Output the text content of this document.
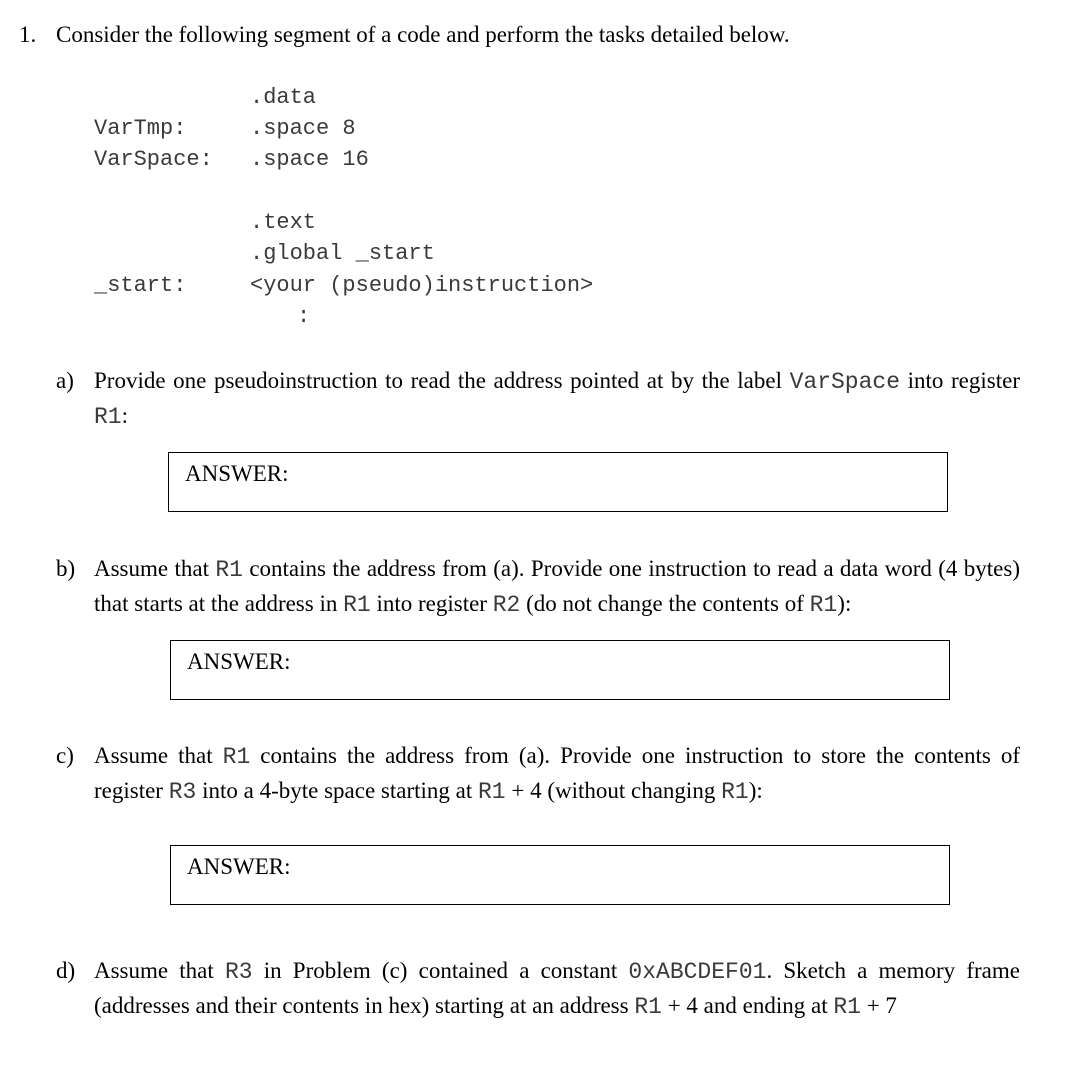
1. Consider the following segment of a code and perform the tasks detailed below.
.data
VarTmp:	.space 8
VarSpace: .space 16
.text
.global _start
_start:	<your (pseudo)instruction>
:
a) Provide one pseudoinstruction to read the address pointed at by the label VarSpace into register R1:
ANSWER:
b) Assume that R1 contains the address from (a). Provide one instruction to read a data word (4 bytes) that starts at the address in R1 into register R2 (do not change the contents of R1):
ANSWER:
c) Assume that R1 contains the address from (a). Provide one instruction to store the contents of register R3 into a 4-byte space starting at R1 + 4 (without changing R1):
ANSWER:
d) Assume that R3 in Problem (c) contained a constant 0xABCDEF01. Sketch a memory frame (addresses and their contents in hex) starting at an address R1 + 4 and ending at R1 + 7
